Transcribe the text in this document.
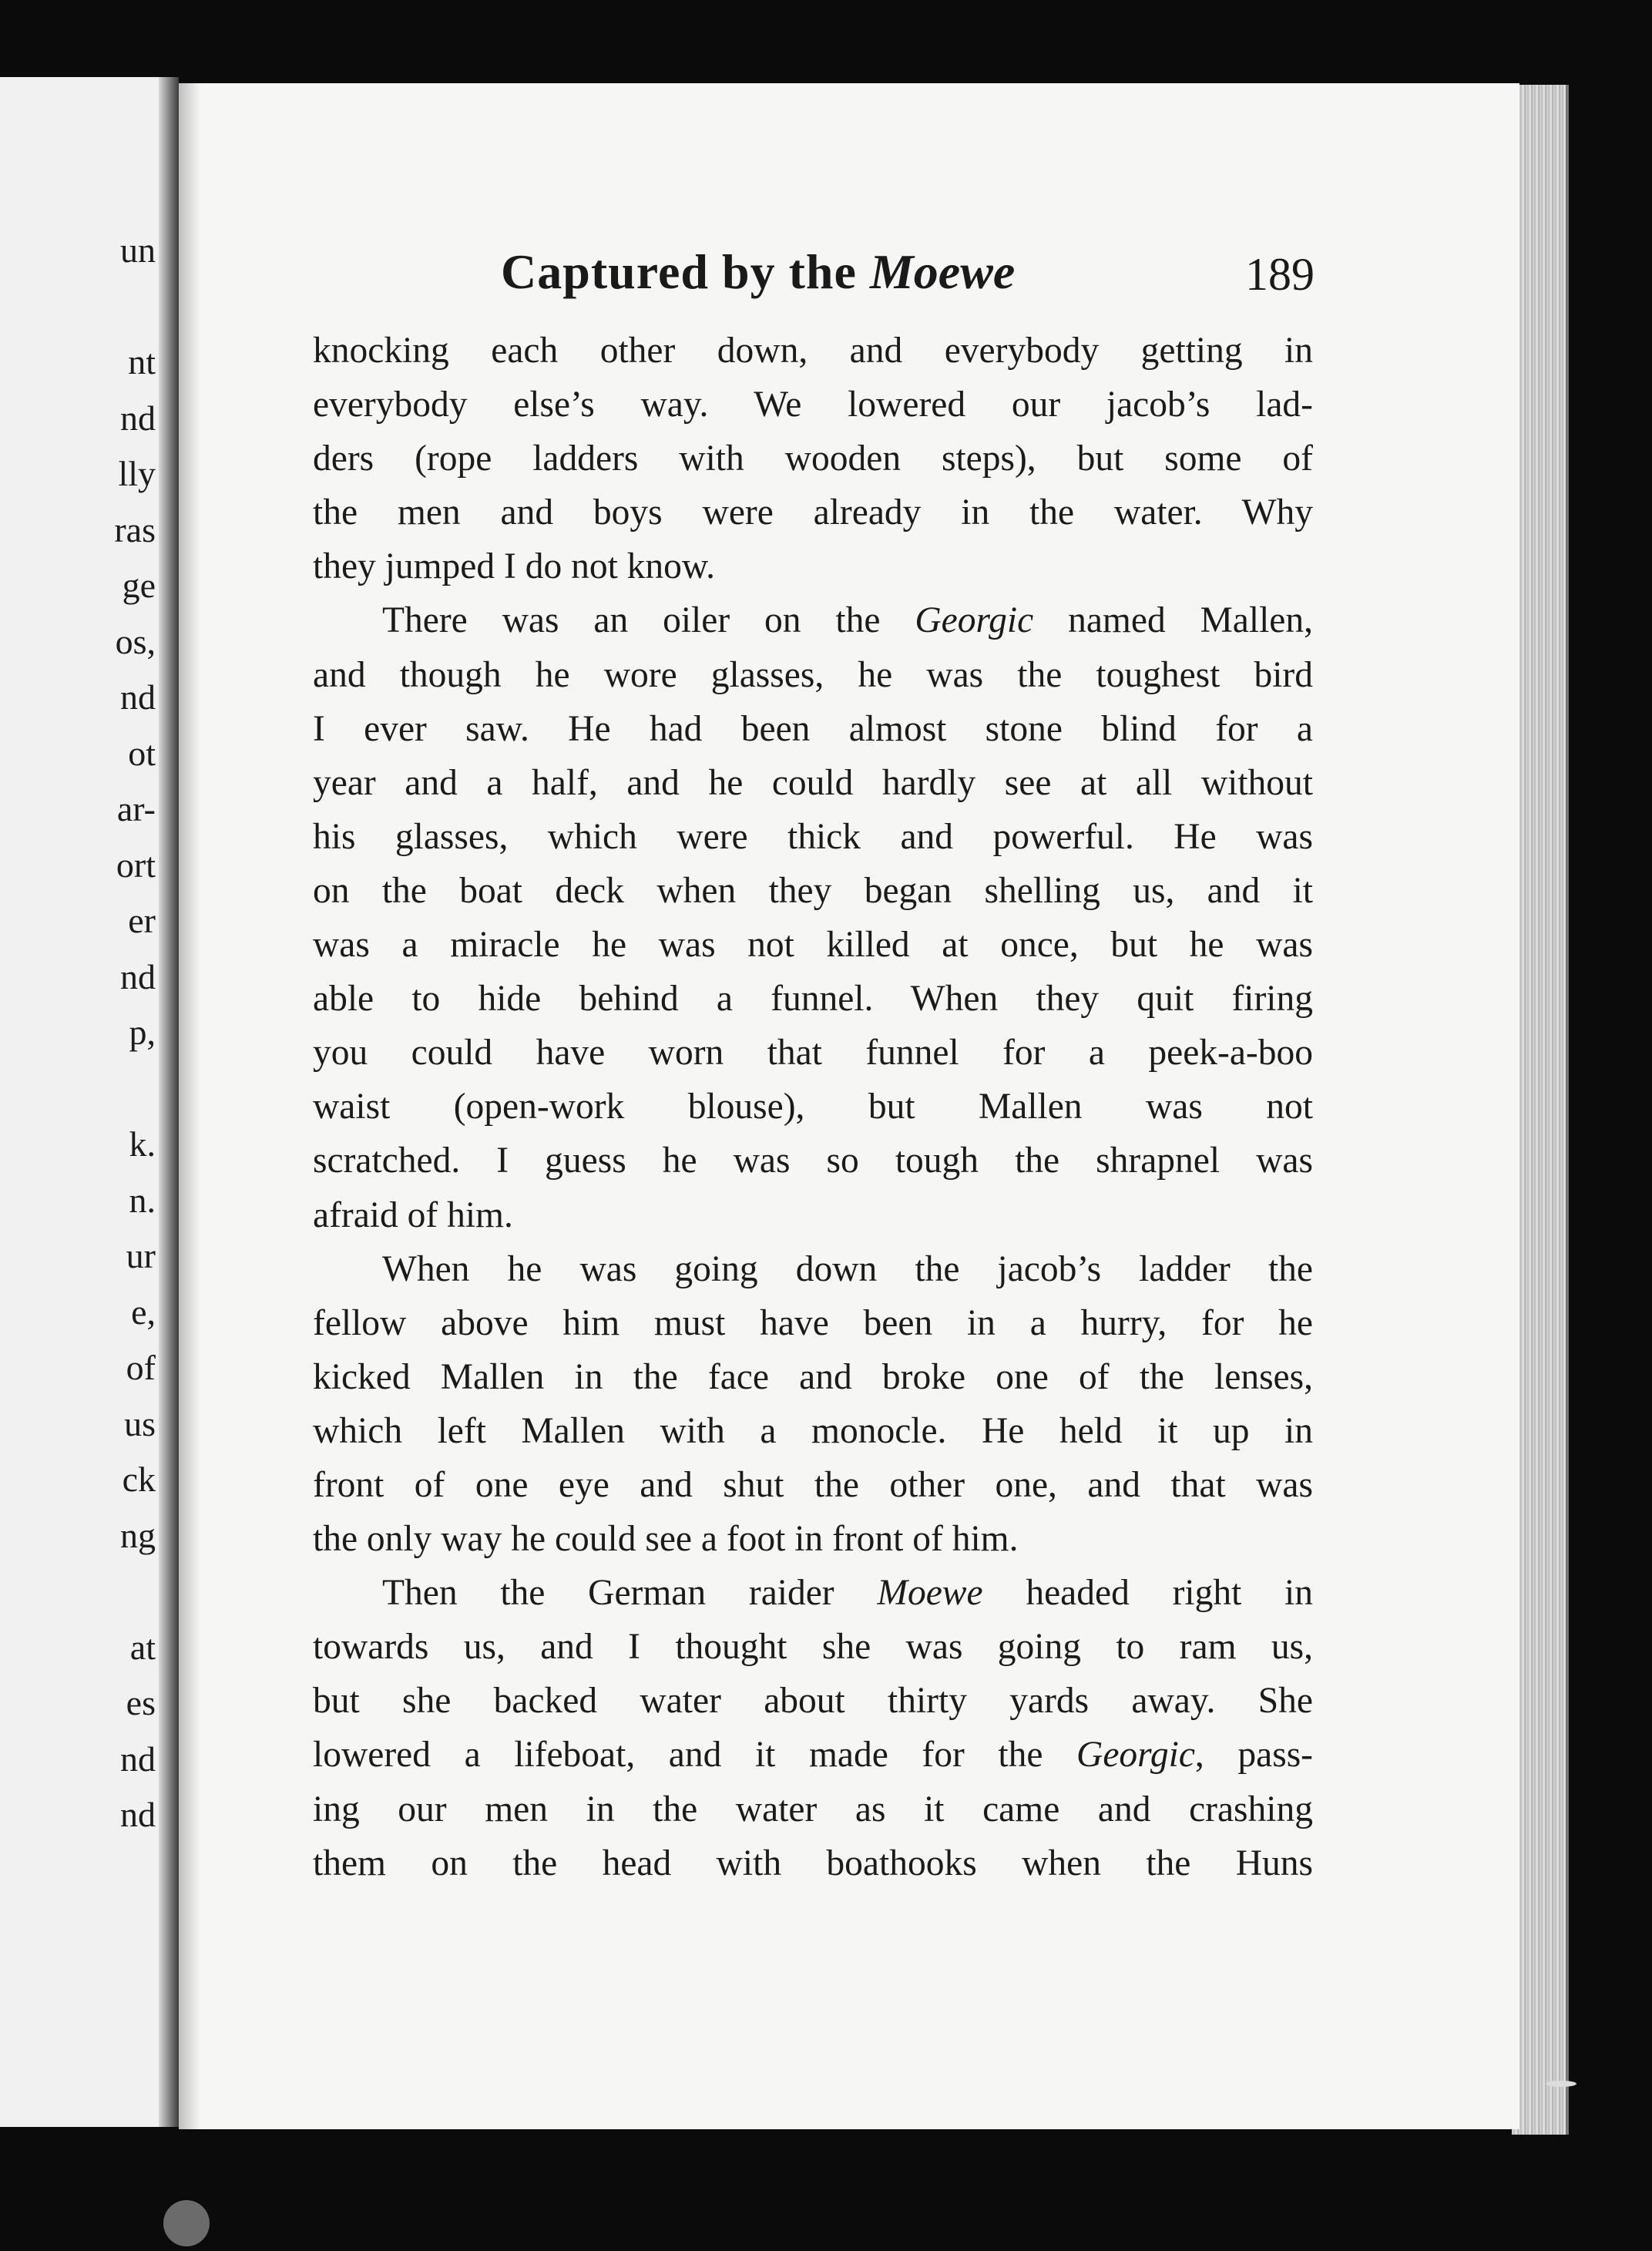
un
nt
nd
lly
ras
ge
os,
nd
ot
ar-
ort
er
nd
p,
k.
n.
ur
e,
of
us
ck
ng
at
es
nd
nd
Captured by the Moewe	189
knocking each other down, and everybody getting in
everybody else’s way. We lowered our jacob’s lad-
ders (rope ladders with wooden steps), but some of
the men and boys were already in the water. Why
they jumped I do not know.
There was an oiler on the Georgic named Mallen,
and though he wore glasses, he was the toughest bird
I ever saw. He had been almost stone blind for a
year and a half, and he could hardly see at all without
his glasses, which were thick and powerful. He was
on the boat deck when they began shelling us, and it
was a miracle he was not killed at once, but he was
able to hide behind a funnel. When they quit firing
you could have worn that funnel for a peek-a-boo
waist (open-work blouse), but Mallen was not
scratched. I guess he was so tough the shrapnel was
afraid of him.
When he was going down the jacob’s ladder the
fellow above him must have been in a hurry, for he
kicked Mallen in the face and broke one of the lenses,
which left Mallen with a monocle. He held it up in
front of one eye and shut the other one, and that was
the only way he could see a foot in front of him.
Then the German raider Moewe headed right in
towards us, and I thought she was going to ram us,
but she backed water about thirty yards away. She
lowered a lifeboat, and it made for the Georgic, pass-
ing our men in the water as it came and crashing
them on the head with boathooks when the Huns
